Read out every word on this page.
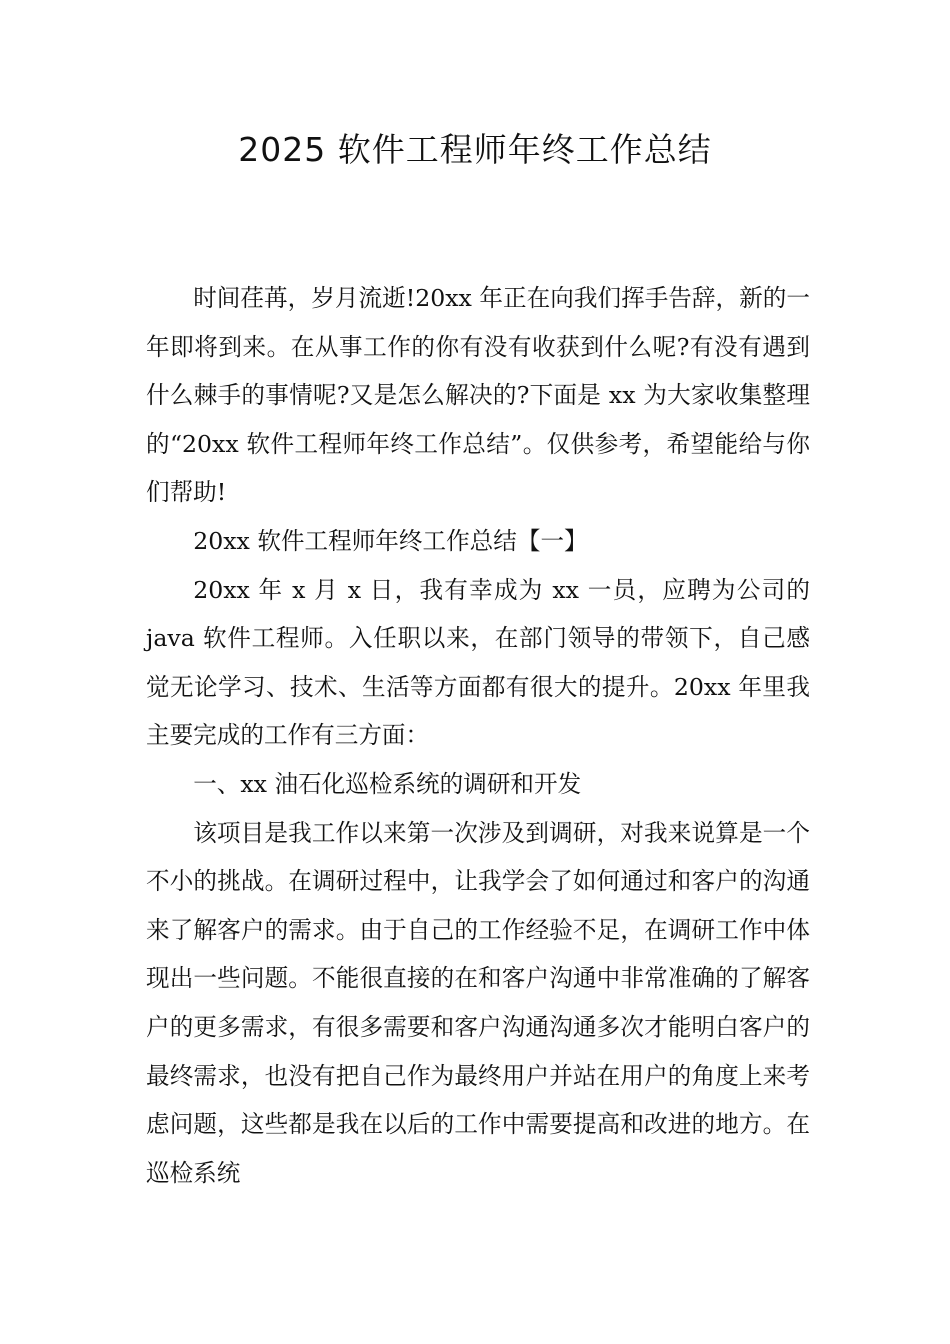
2025 软件工程师年终工作总结

时间荏苒，岁月流逝!20xx 年正在向我们挥手告辞，新的一年即将到来。在从事工作的你有没有收获到什么呢?有没有遇到什么棘手的事情呢?又是怎么解决的?下面是 xx 为大家收集整理的“20xx 软件工程师年终工作总结”。仅供参考，希望能给与你们帮助!

20xx 软件工程师年终工作总结【一】

20xx 年 x 月 x 日，我有幸成为 xx 一员，应聘为公司的 java 软件工程师。入任职以来，在部门领导的带领下，自己感觉无论学习、技术、生活等方面都有很大的提升。20xx 年里我主要完成的工作有三方面：

一、xx 油石化巡检系统的调研和开发

该项目是我工作以来第一次涉及到调研，对我来说算是一个不小的挑战。在调研过程中，让我学会了如何通过和客户的沟通来了解客户的需求。由于自己的工作经验不足，在调研工作中体现出一些问题。不能很直接的在和客户沟通中非常准确的了解客户的更多需求，有很多需要和客户沟通沟通多次才能明白客户的最终需求，也没有把自己作为最终用户并站在用户的角度上来考虑问题，这些都是我在以后的工作中需要提高和改进的地方。在巡检系统
